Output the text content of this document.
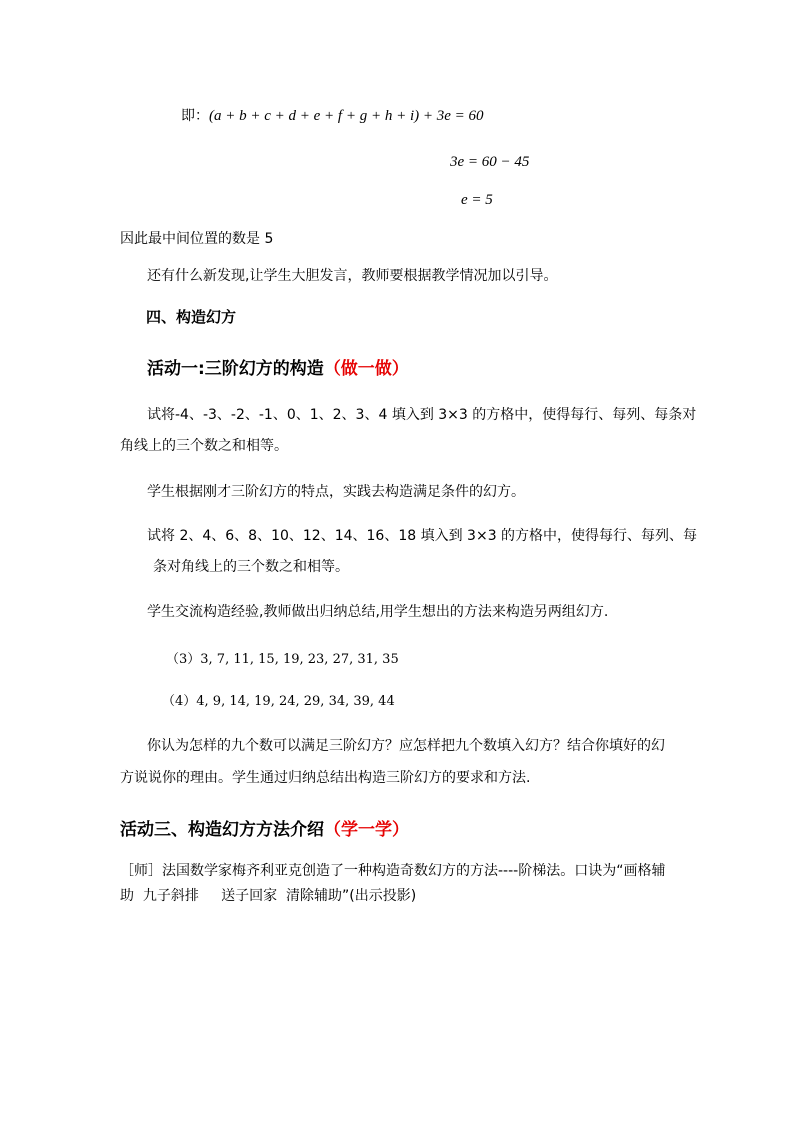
即：(a + b + c + d + e + f + g + h + i) + 3e = 60
3e = 60 − 45
e = 5
因此最中间位置的数是 5
还有什么新发现,让学生大胆发言，教师要根据教学情况加以引导。
四、构造幻方
活动一:三阶幻方的构造（做一做）
试将-4、-3、-2、-1、0、1、2、3、4 填入到 3×3 的方格中，使得每行、每列、每条对
角线上的三个数之和相等。
学生根据刚才三阶幻方的特点，实践去构造满足条件的幻方。
试将 2、4、6、8、10、12、14、16、18 填入到 3×3 的方格中，使得每行、每列、每
条对角线上的三个数之和相等。
学生交流构造经验,教师做出归纳总结,用学生想出的方法来构造另两组幻方.
（3）3, 7, 11, 15, 19, 23, 27, 31, 35
（4）4, 9, 14, 19, 24, 29, 34, 39, 44
你认为怎样的九个数可以满足三阶幻方？应怎样把九个数填入幻方？结合你填好的幻
方说说你的理由。学生通过归纳总结出构造三阶幻方的要求和方法.
活动三、构造幻方方法介绍（学一学）
［师］法国数学家梅齐利亚克创造了一种构造奇数幻方的方法----阶梯法。口诀为“画格辅
助  九子斜排     送子回家  清除辅助”(出示投影)
